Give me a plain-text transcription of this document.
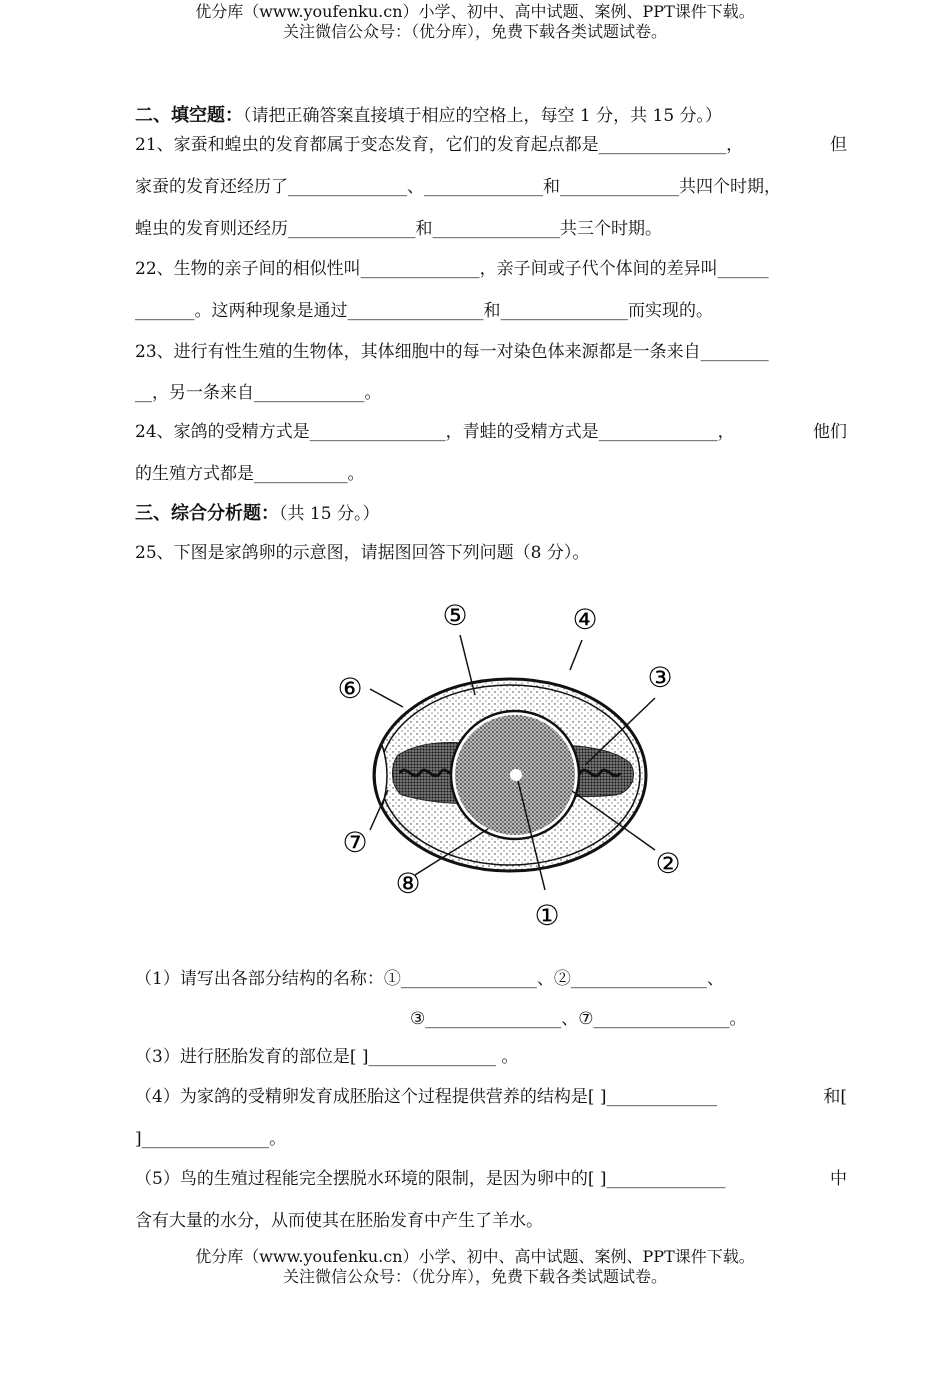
优分库（www.youfenku.cn）小学、初中、高中试题、案例、PPT课件下载。
关注微信公众号：（优分库），免费下载各类试题试卷。
二、填空题：（请把正确答案直接填于相应的空格上，每空 1 分，共 15 分。）
21、家蚕和蝗虫的发育都属于变态发育，它们的发育起点都是_______________，	但
家蚕的发育还经历了______________、______________和______________共四个时期，
蝗虫的发育则还经历_______________和_______________共三个时期。
22、生物的亲子间的相似性叫______________，亲子间或子代个体间的差异叫______
_______。这两种现象是通过________________和_______________而实现的。
23、进行有性生殖的生物体，其体细胞中的每一对染色体来源都是一条来自________
__，另一条来自_____________。
24、家鸽的受精方式是________________，青蛙的受精方式是______________，	他们
的生殖方式都是___________。
三、综合分析题：（共 15 分。）
25、下图是家鸽卵的示意图，请据图回答下列问题（8 分）。
①
②
③
④
⑤
⑥
⑦
⑧
（1）请写出各部分结构的名称：①________________、②________________、
③________________、⑦________________。
（3）进行胚胎发育的部位是[ ]_______________ 。
（4）为家鸽的受精卵发育成胚胎这个过程提供营养的结构是[ ]_____________	和[
]_______________。
（5）鸟的生殖过程能完全摆脱水环境的限制，是因为卵中的[ ]______________	中
含有大量的水分，从而使其在胚胎发育中产生了羊水。
优分库（www.youfenku.cn）小学、初中、高中试题、案例、PPT课件下载。
关注微信公众号：（优分库），免费下载各类试题试卷。
